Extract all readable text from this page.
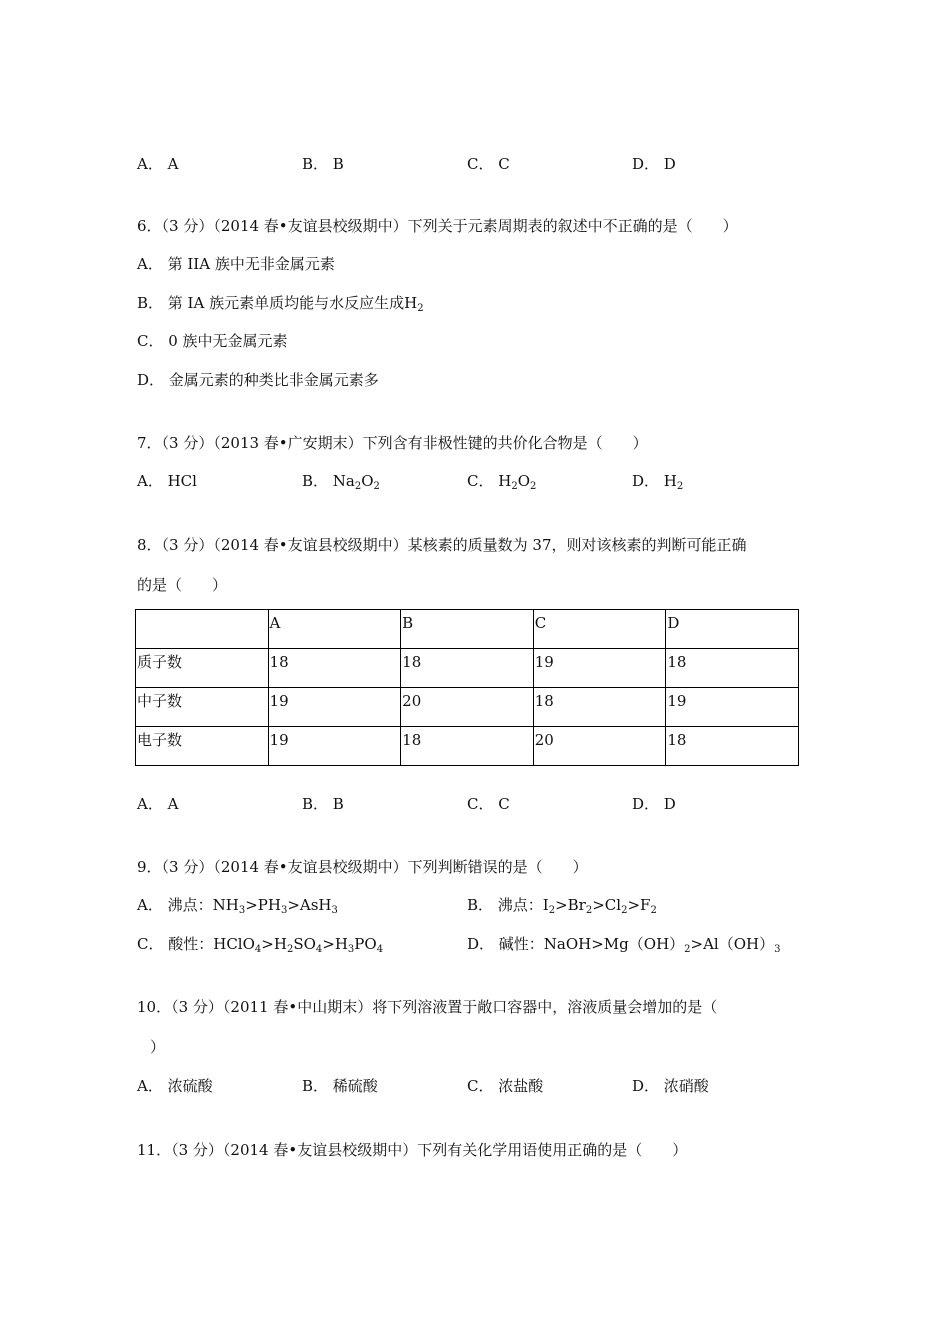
A． A	B． B	C． C	D． D
6．（3 分）（2014 春•友谊县校级期中）下列关于元素周期表的叙述中不正确的是（　　）
A． 第 IIA 族中无非金属元素
B． 第 IA 族元素单质均能与水反应生成$H_2$
C． 0 族中无金属元素
D． 金属元素的种类比非金属元素多
7．（3 分）（2013 春•广安期末）下列含有非极性键的共价化合物是（　　）
A． HCl	B． $Na_2O_2$	C． $H_2O_2$	D． $H_2$
8．（3 分）（2014 春•友谊县校级期中）某核素的质量数为 37，则对该核素的判断可能正确
的是（　　）
	A	B	C	D
质子数	18	18	19	18
中子数	19	20	18	19
电子数	19	18	20	18
A． A	B． B	C． C	D． D
9．（3 分）（2014 春•友谊县校级期中）下列判断错误的是（　　）
A． 沸点：$NH_3>PH_3>AsH_3$	B． 沸点：$I_2>Br_2>Cl_2>F_2$
C． 酸性：$HClO_4>H_2SO_4>H_3PO_4$	D． 碱性：$NaOH>Mg(OH)_2>Al(OH)_3$
10．（3 分）（2011 春•中山期末）将下列溶液置于敞口容器中，溶液质量会增加的是（
）
A． 浓硫酸	B． 稀硫酸	C． 浓盐酸	D． 浓硝酸
11．（3 分）（2014 春•友谊县校级期中）下列有关化学用语使用正确的是（　　）
